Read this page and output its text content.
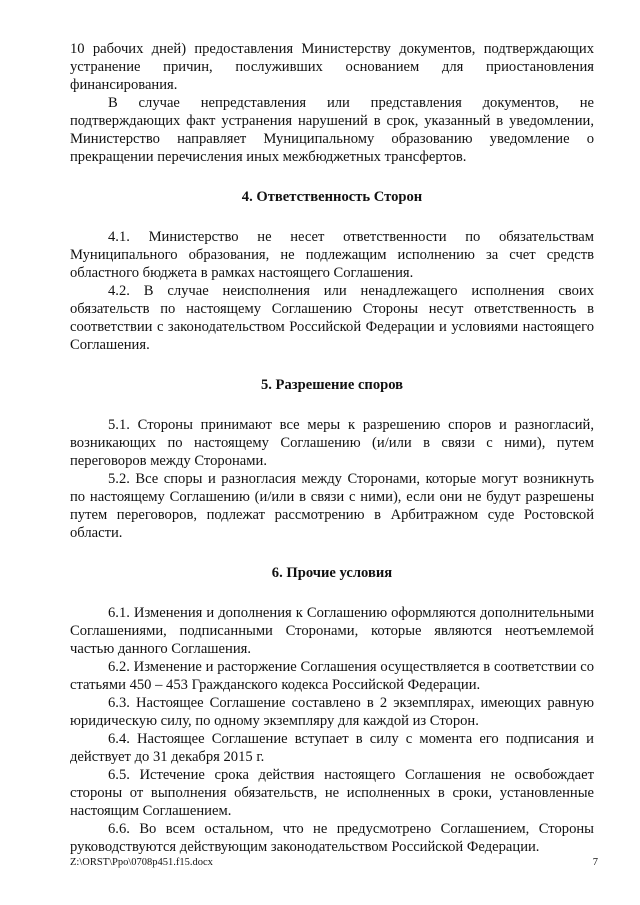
10 рабочих дней) предоставления Министерству документов, подтверждающих устранение причин, послуживших основанием для приостановления финансирования.

В случае непредставления или представления документов, не подтверждающих факт устранения нарушений в срок, указанный в уведомлении, Министерство направляет Муниципальному образованию уведомление о прекращении перечисления иных межбюджетных трансфертов.

4. Ответственность Сторон

4.1. Министерство не несет ответственности по обязательствам Муниципального образования, не подлежащим исполнению за счет средств областного бюджета в рамках настоящего Соглашения.

4.2. В случае неисполнения или ненадлежащего исполнения своих обязательств по настоящему Соглашению Стороны несут ответственность в соответствии с законодательством Российской Федерации и условиями настоящего Соглашения.

5. Разрешение споров

5.1. Стороны принимают все меры к разрешению споров и разногласий, возникающих по настоящему Соглашению (и/или в связи с ними), путем переговоров между Сторонами.

5.2. Все споры и разногласия между Сторонами, которые могут возникнуть по настоящему Соглашению (и/или в связи с ними), если они не будут разрешены путем переговоров, подлежат рассмотрению в Арбитражном суде Ростовской области.

6. Прочие условия

6.1. Изменения и дополнения к Соглашению оформляются дополнительными Соглашениями, подписанными Сторонами, которые являются неотъемлемой частью данного Соглашения.

6.2. Изменение и расторжение Соглашения осуществляется в соответствии со статьями 450 – 453 Гражданского кодекса Российской Федерации.

6.3. Настоящее Соглашение составлено в 2 экземплярах, имеющих равную юридическую силу, по одному экземпляру для каждой из Сторон.

6.4. Настоящее Соглашение вступает в силу с момента его подписания и действует до 31 декабря 2015 г.

6.5. Истечение срока действия настоящего Соглашения не освобождает стороны от выполнения обязательств, не исполненных в сроки, установленные настоящим Соглашением.

6.6. Во всем остальном, что не предусмотрено Соглашением, Стороны руководствуются действующим законодательством Российской Федерации.

Z:\ORST\Ppo\0708p451.f15.docx	7
